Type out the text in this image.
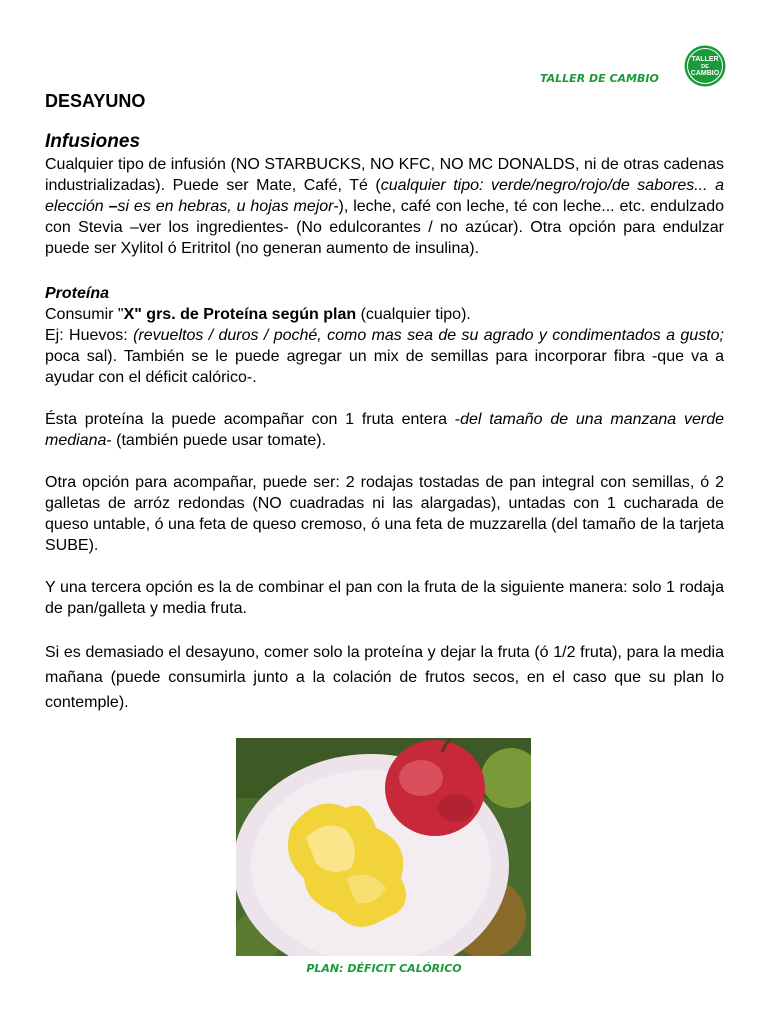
TALLER DE CAMBIO
TALLER
DE
CAMBIO
DESAYUNO
Infusiones

Cualquier tipo de infusión (NO STARBUCKS, NO KFC, NO MC DONALDS, ni de otras cadenas industrializadas). Puede ser Mate, Café, Té (cualquier tipo: verde/negro/rojo/de sabores... a elección –si es en hebras, u hojas mejor-), leche, café con leche, té con leche... etc. endulzado con Stevia –ver los ingredientes- (No edulcorantes / no azúcar). Otra opción para endulzar puede ser Xylitol ó Eritritol (no generan aumento de insulina).

Proteína

Consumir "X" grs. de Proteína según plan (cualquier tipo).

Ej: Huevos: (revueltos / duros / poché, como mas sea de su agrado y condimentados a gusto; poca sal). También se le puede agregar un mix de semillas para incorporar fibra -que va a ayudar con el déficit calórico-.

Ésta proteína la puede acompañar con 1 fruta entera -del tamaño de una manzana verde mediana- (también puede usar tomate).

Otra opción para acompañar, puede ser: 2 rodajas tostadas de pan integral con semillas, ó 2 galletas de arróz redondas (NO cuadradas ni las alargadas), untadas con 1 cucharada de queso untable, ó una feta de queso cremoso, ó una feta de muzzarella (del tamaño de la tarjeta SUBE).

Y una tercera opción es la de combinar el pan con la fruta de la siguiente manera: solo 1 rodaja de pan/galleta y media fruta.

Si es demasiado el desayuno, comer solo la proteína y dejar la fruta (ó 1/2 fruta), para la media mañana (puede consumirla junto a la colación de frutos secos, en el caso que su plan lo contemple).

PLAN: DÉFICIT CALÓRICO
